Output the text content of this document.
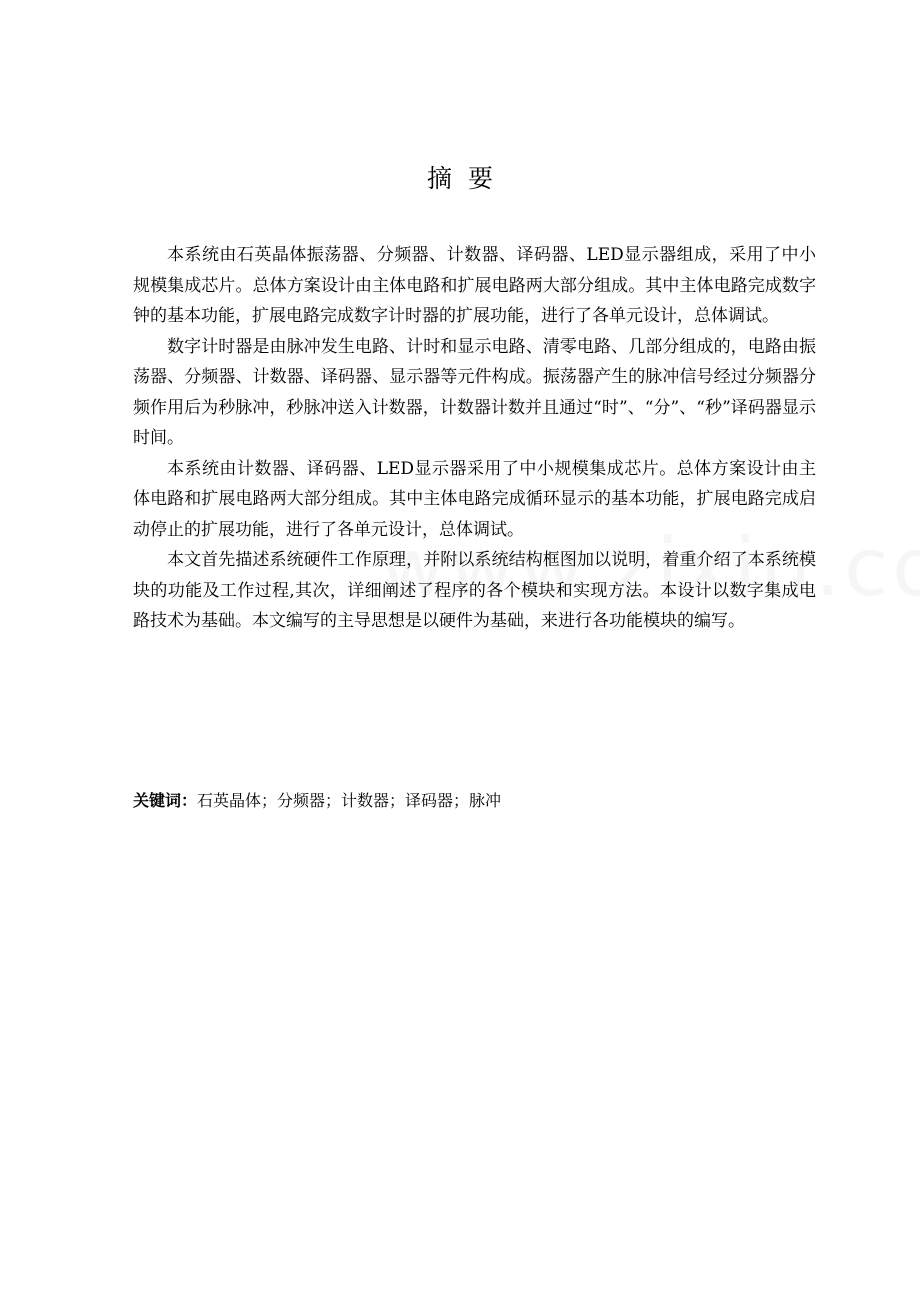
摘  要

本系统由石英晶体振荡器、分频器、计数器、译码器、LED显示器组成，采用了中小规模集成芯片。总体方案设计由主体电路和扩展电路两大部分组成。其中主体电路完成数字钟的基本功能，扩展电路完成数字计时器的扩展功能，进行了各单元设计，总体调试。

数字计时器是由脉冲发生电路、计时和显示电路、清零电路、几部分组成的，电路由振荡器、分频器、计数器、译码器、显示器等元件构成。振荡器产生的脉冲信号经过分频器分频作用后为秒脉冲，秒脉冲送入计数器，计数器计数并且通过“时”、“分”、“秒”译码器显示时间。

本系统由计数器、译码器、LED显示器采用了中小规模集成芯片。总体方案设计由主体电路和扩展电路两大部分组成。其中主体电路完成循环显示的基本功能，扩展电路完成启动停止的扩展功能，进行了各单元设计，总体调试。

本文首先描述系统硬件工作原理，并附以系统结构框图加以说明，着重介绍了本系统模块的功能及工作过程,其次，详细阐述了程序的各个模块和实现方法。本设计以数字集成电路技术为基础。本文编写的主导思想是以硬件为基础，来进行各功能模块的编写。

关键词：石英晶体；分频器；计数器；译码器；脉冲
